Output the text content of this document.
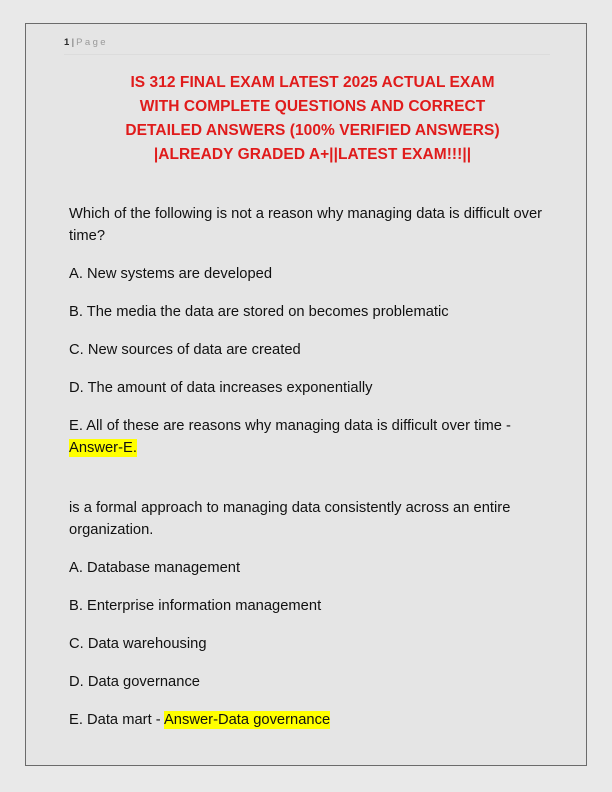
1 | Page
IS 312 FINAL EXAM LATEST 2025 ACTUAL EXAM
WITH COMPLETE QUESTIONS AND CORRECT
DETAILED ANSWERS (100% VERIFIED ANSWERS)
|ALREADY GRADED A+||LATEST EXAM!!!||

Which of the following is not a reason why managing data is difficult over time?

A. New systems are developed

B. The media the data are stored on becomes problematic

C. New sources of data are created

D. The amount of data increases exponentially

E. All of these are reasons why managing data is difficult over time - Answer-E.

is a formal approach to managing data consistently across an entire organization.

A. Database management

B. Enterprise information management

C. Data warehousing

D. Data governance

E. Data mart - Answer-Data governance
